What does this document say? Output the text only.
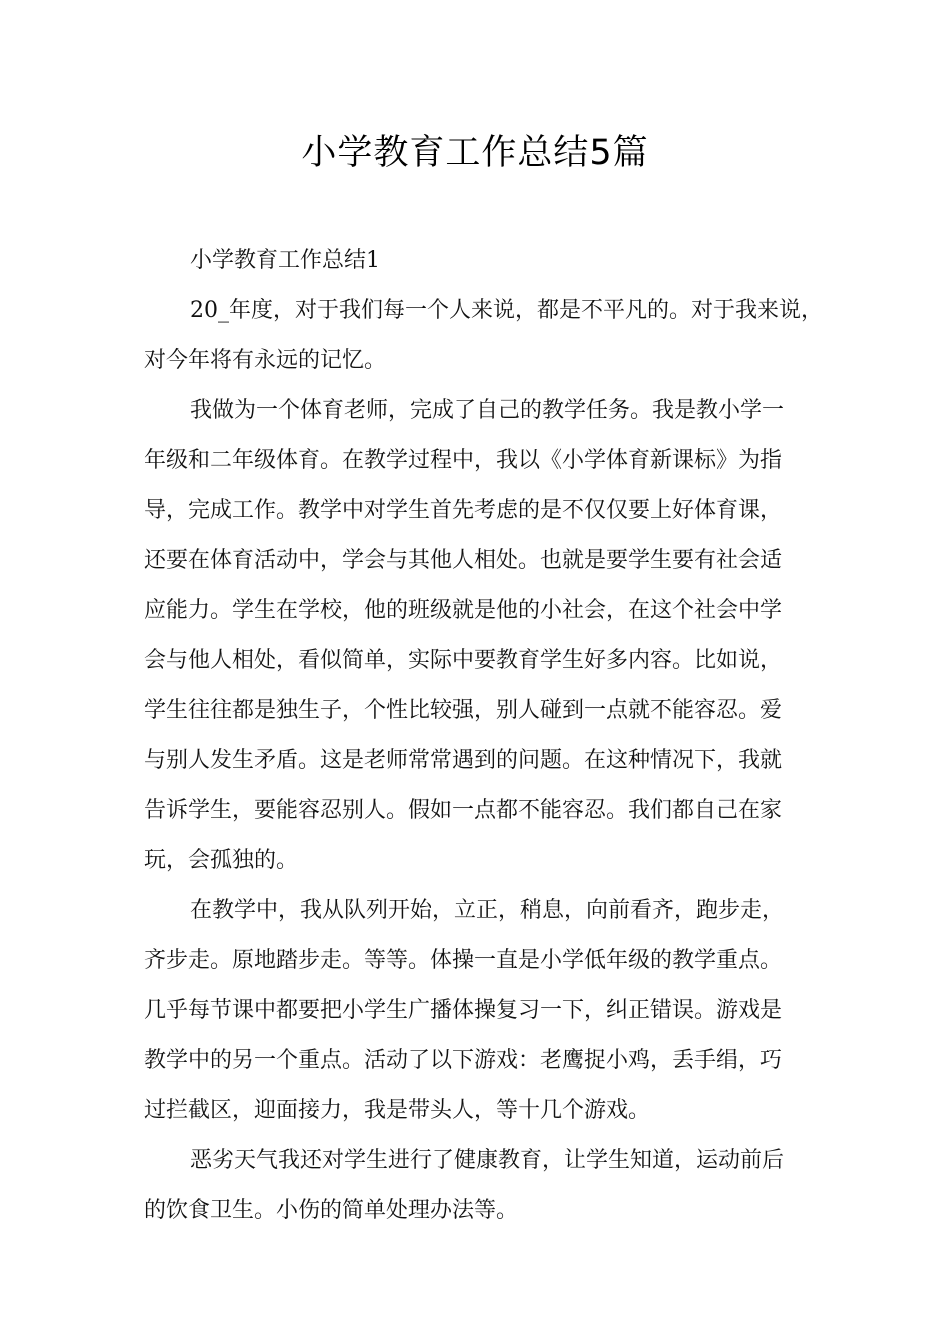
小学教育工作总结5篇

小学教育工作总结1

20_年度，对于我们每一个人来说，都是不平凡的。对于我来说，

对今年将有永远的记忆。

我做为一个体育老师，完成了自己的教学任务。我是教小学一

年级和二年级体育。在教学过程中，我以《小学体育新课标》为指

导，完成工作。教学中对学生首先考虑的是不仅仅要上好体育课，

还要在体育活动中，学会与其他人相处。也就是要学生要有社会适

应能力。学生在学校，他的班级就是他的小社会，在这个社会中学

会与他人相处，看似简单，实际中要教育学生好多内容。比如说，

学生往往都是独生子，个性比较强，别人碰到一点就不能容忍。爱

与别人发生矛盾。这是老师常常遇到的问题。在这种情况下，我就

告诉学生，要能容忍别人。假如一点都不能容忍。我们都自己在家

玩，会孤独的。

在教学中，我从队列开始，立正，稍息，向前看齐，跑步走，

齐步走。原地踏步走。等等。体操一直是小学低年级的教学重点。

几乎每节课中都要把小学生广播体操复习一下，纠正错误。游戏是

教学中的另一个重点。活动了以下游戏：老鹰捉小鸡，丢手绢，巧

过拦截区，迎面接力，我是带头人，等十几个游戏。

恶劣天气我还对学生进行了健康教育，让学生知道，运动前后

的饮食卫生。小伤的简单处理办法等。
